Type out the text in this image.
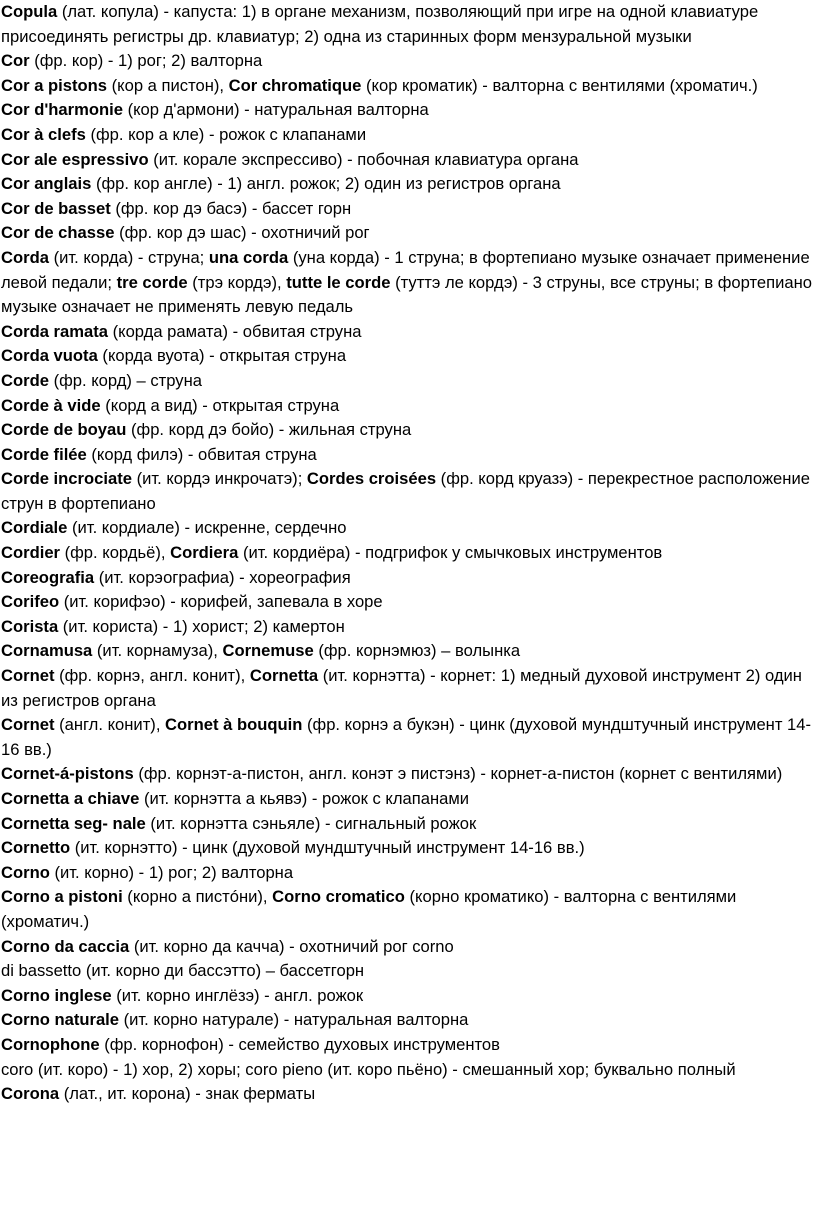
Copula (лат. копула) - капуста: 1) в органе механизм, позволяющий при игре на одной клавиатуре присоединять регистры др. клавиатур; 2) одна из старинных форм мензуральной музыки

Cor (фр. кор) - 1) рог; 2) валторна

Cor a pistons (кор а пистон), Cor chromatique (кор кроматик) - валторна с вентилями (хроматич.)

Cor d'harmonie (кор д'армони) - натуральная валторна

Cor à clefs (фр. кор а кле) - рожок с клапанами

Cor ale espressivo (ит. корале экспрессиво) - побочная клавиатура органа

Cor anglais (фр. кор англе) - 1) англ. рожок; 2) один из регистров органа

Cor de basset (фр. кор дэ басэ) - бассет горн

Cor de chasse (фр. кор дэ шас) - охотничий рог

Corda (ит. корда) - струна; una corda (уна корда) - 1 струна; в фортепиано музыке означает применение левой педали; tre corde (трэ кордэ), tutte le corde (туттэ ле кордэ) - 3 струны, все струны; в фортепиано музыке означает не применять левую педаль

Corda ramata (корда рамата) - обвитая струна

Corda vuota (корда вуота) - открытая струна

Corde (фр. корд) – струна

Corde à vide (корд а вид) - открытая струна

Corde de boyau (фр. корд дэ бойо) - жильная струна

Corde filée (корд филэ) - обвитая струна

Corde incrociate (ит. кордэ инкрочатэ); Cordes croisées (фр. корд круазэ) - перекрестное расположение струн в фортепиано

Cordiale (ит. кордиале) - искренне, сердечно

Cordier (фр. кордьё), Cordiera (ит. кордиёра) - подгрифок у смычковых инструментов

Coreografia (ит. корэографиа) - хореография

Corifeo (ит. корифэо) - корифей, запевала в хоре

Corista (ит. користа) - 1) хорист; 2) камертон

Cornamusa (ит. корнамуза), Cornemuse (фр. корнэмюз) – волынка

Cornet (фр. корнэ, англ. конит), Cornetta (ит. корнэтта) - корнет: 1) медный духовой инструмент 2) один из регистров органа

Cornet (англ. конит), Cornet à bouquin (фр. корнэ а букэн) - цинк (духовой мундштучный инструмент 14- 16 вв.)

Cornet-á-pistons (фр. корнэт-а-пистон, англ. конэт э пистэнз) - корнет-а-пистон (корнет с вентилями)

Cornetta a chiave (ит. корнэтта а кьявэ) - рожок с клапанами

Cornetta seg- nale (ит. корнэтта сэньяле) - сигнальный рожок

Cornetto (ит. корнэтто) - цинк (духовой мундштучный инструмент 14-16 вв.)

Corno (ит. корно) - 1) рог; 2) валторна

Corno a pistoni (корно а пистóни), Corno cromatico (корно кроматико) - валторна с вентилями (хроматич.)

Corno da caccia (ит. корно да качча) - охотничий рог corno

di bassetto (ит. корно ди бассэтто) – бассетгорн

Corno inglese (ит. корно инглёзэ) - англ. рожок

Corno naturale (ит. корно натурале) - натуральная валторна

Cornophone (фр. корнофон) - семейство духовых инструментов

coro (ит. коро) - 1) хор, 2) хоры; coro pieno (ит. коро пьёно) - смешанный хор; буквально полный

Corona (лат., ит. корона) - знак ферматы
